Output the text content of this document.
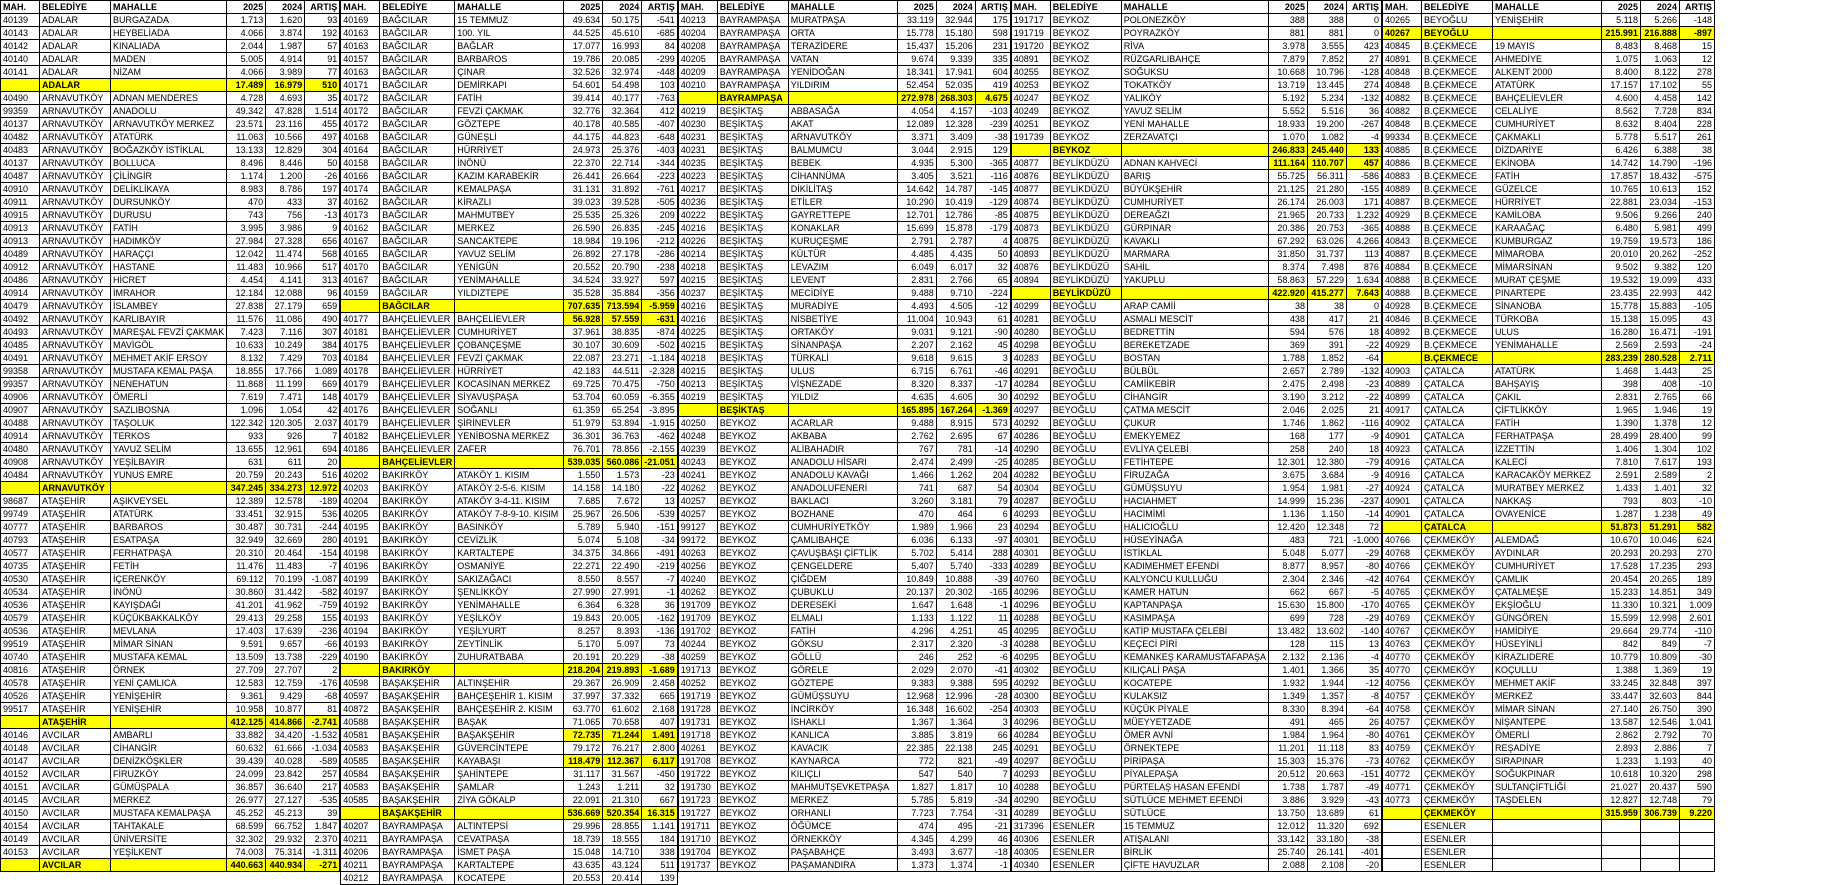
MAH.	BELEDİYE	MAHALLE	2025	2024	ARTIŞ
40139	ADALAR	BURGAZADA	1.713	1.620	93
40143	ADALAR	HEYBELİADA	4.066	3.874	192
40142	ADALAR	KINALIADA	2.044	1.987	57
40140	ADALAR	MADEN	5.005	4.914	91
40141	ADALAR	NİZAM	4.066	3.989	77
	ADALAR		17.489	16.979	510
40490	ARNAVUTKÖY	ADNAN MENDERES	4.728	4.693	35
99359	ARNAVUTKÖY	ANADOLU	49.342	47.828	1.514
40137	ARNAVUTKÖY	ARNAVUTKÖY MERKEZ	23.571	23.116	455
40482	ARNAVUTKÖY	ATATÜRK	11.063	10.566	497
40483	ARNAVUTKÖY	BOĞAZKÖY İSTİKLAL	13.133	12.829	304
40137	ARNAVUTKÖY	BOLLUCA	8.496	8.446	50
40487	ARNAVUTKÖY	ÇİLİNGİR	1.174	1.200	-26
40910	ARNAVUTKÖY	DELİKLİKAYA	8.983	8.786	197
40911	ARNAVUTKÖY	DURSUNKÖY	470	433	37
40915	ARNAVUTKÖY	DURUSU	743	756	-13
40913	ARNAVUTKÖY	FATİH	3.995	3.986	9
40913	ARNAVUTKÖY	HADIMKÖY	27.984	27.328	656
40489	ARNAVUTKÖY	HARAÇÇI	12.042	11.474	568
40912	ARNAVUTKÖY	HASTANE	11.483	10.966	517
40486	ARNAVUTKÖY	HİCRET	4.454	4.141	313
40914	ARNAVUTKÖY	İMRAHOR	12.184	12.088	96
40479	ARNAVUTKÖY	İSLAMBEY	27.838	27.179	659
40492	ARNAVUTKÖY	KARLIBAYIR	11.576	11.086	490
40493	ARNAVUTKÖY	MAREŞAL FEVZİ ÇAKMAK	7.423	7.116	307
40485	ARNAVUTKÖY	MAVİGÖL	10.633	10.249	384
40491	ARNAVUTKÖY	MEHMET AKİF ERSOY	8.132	7.429	703
99358	ARNAVUTKÖY	MUSTAFA KEMAL PAŞA	18.855	17.766	1.089
99357	ARNAVUTKÖY	NENEHATUN	11.868	11.199	669
40906	ARNAVUTKÖY	ÖMERLİ	7.619	7.471	148
40907	ARNAVUTKÖY	SAZLIBOSNA	1.096	1.054	42
40488	ARNAVUTKÖY	TAŞOLUK	122.342	120.305	2.037
40914	ARNAVUTKÖY	TERKOS	933	926	7
40480	ARNAVUTKÖY	YAVUZ SELİM	13.655	12.961	694
40908	ARNAVUTKÖY	YEŞİLBAYIR	631	611	20
40484	ARNAVUTKÖY	YUNUS EMRE	20.759	20.243	516
	ARNAVUTKÖY		347.245	334.273	12.972
98687	ATAŞEHİR	AŞIKVEYSEL	12.389	12.578	-189
99749	ATAŞEHİR	ATATÜRK	33.451	32.915	536
40777	ATAŞEHİR	BARBAROS	30.487	30.731	-244
40793	ATAŞEHİR	ESATPAŞA	32.949	32.669	280
40577	ATAŞEHİR	FERHATPAŞA	20.310	20.464	-154
40735	ATAŞEHİR	FETİH	11.476	11.483	-7
40530	ATAŞEHİR	İÇERENKÖY	69.112	70.199	-1.087
40534	ATAŞEHİR	İNÖNÜ	30.860	31.442	-582
40536	ATAŞEHİR	KAYIŞDAĞI	41.201	41.962	-759
40579	ATAŞEHİR	KÜÇÜKBAKKALKÖY	29.413	29.258	155
40536	ATAŞEHİR	MEVLANA	17.403	17.639	-236
99519	ATAŞEHİR	MİMAR SİNAN	9.591	9.657	-66
40740	ATAŞEHİR	MUSTAFA KEMAL	13.509	13.738	-229
40816	ATAŞEHİR	ÖRNEK	27.709	27.707	2
40578	ATAŞEHİR	YENİ ÇAMLICA	12.583	12.759	-176
40526	ATAŞEHİR	YENİŞEHİR	9.361	9.429	-68
99517	ATAŞEHİR	YENİŞEHİR	10.958	10.877	81
	ATAŞEHİR		412.125	414.866	-2.741
40146	AVCILAR	AMBARLI	33.882	34.420	-1.532
40148	AVCILAR	CİHANGİR	60.632	61.666	-1.034
40147	AVCILAR	DENİZKÖŞKLER	39.439	40.028	-589
40152	AVCILAR	FİRUZKÖY	24.099	23.842	257
40151	AVCILAR	GÜMÜŞPALA	36.857	36.640	217
40145	AVCILAR	MERKEZ	26.977	27.127	-535
40150	AVCILAR	MUSTAFA KEMALPAŞA	45.252	45.213	39
40154	AVCILAR	TAHTAKALE	68.599	66.752	1.847
40149	AVCILAR	ÜNİVERSİTE	32.302	29.932	2.370
40153	AVCILAR	YEŞİLKENT	74.003	75.314	-1.311
	AVCILAR		440.663	440.934	-271
MAH.	BELEDİYE	MAHALLE	2025	2024	ARTIŞ
40169	BAĞCILAR	15 TEMMUZ	49.634	50.175	-541
40163	BAĞCILAR	100. YIL	44.525	45.610	-685
40163	BAĞCILAR	BAĞLAR	17.077	16.993	84
40157	BAĞCILAR	BARBAROS	19.786	20.085	-299
40163	BAĞCILAR	ÇINAR	32.526	32.974	-448
40171	BAĞCILAR	DEMİRKAPI	54.601	54.498	103
40172	BAĞCILAR	FATİH	39.414	40.177	-763
40172	BAĞCILAR	FEVZİ ÇAKMAK	32.776	32.364	412
40172	BAĞCILAR	GÖZTEPE	40.178	40.585	-407
40168	BAĞCILAR	GÜNEŞLİ	44.175	44.823	-648
40164	BAĞCILAR	HÜRRİYET	24.973	25.376	-403
40158	BAĞCILAR	İNÖNÜ	22.370	22.714	-344
40166	BAĞCILAR	KAZIM KARABEKİR	26.441	26.664	-223
40174	BAĞCILAR	KEMALPAŞA	31.131	31.892	-761
40162	BAĞCILAR	KİRAZLI	39.023	39.528	-505
40173	BAĞCILAR	MAHMUTBEY	25.535	25.326	209
40162	BAĞCILAR	MERKEZ	26.590	26.835	-245
40167	BAĞCILAR	SANCAKTEPE	18.984	19.196	-212
40165	BAĞCILAR	YAVUZ SELİM	26.892	27.178	-286
40170	BAĞCILAR	YENİGÜN	20.552	20.790	-238
40167	BAĞCILAR	YENİMAHALLE	34.524	33.927	597
40159	BAĞCILAR	YILDIZTEPE	35.528	35.884	-356
	BAĞCILAR		707.635	713.594	-5.959
40177	BAHÇELİEVLER	BAHÇELİEVLER	56.928	57.559	-631
40181	BAHÇELİEVLER	CUMHURİYET	37.961	38.835	-874
40175	BAHÇELİEVLER	ÇOBANÇEŞME	30.107	30.609	-502
40184	BAHÇELİEVLER	FEVZİ ÇAKMAK	22.087	23.271	-1.184
40178	BAHÇELİEVLER	HÜRRİYET	42.183	44.511	-2.328
40179	BAHÇELİEVLER	KOCASİNAN MERKEZ	69.725	70.475	-750
40179	BAHÇELİEVLER	SİYAVUŞPAŞA	53.704	60.059	-6.355
40176	BAHÇELİEVLER	SOĞANLI	61.359	65.254	-3.895
40179	BAHÇELİEVLER	ŞİRİNEVLER	51.979	53.894	-1.915
40182	BAHÇELİEVLER	YENİBOSNA MERKEZ	36.301	36.763	-462
40186	BAHÇELİEVLER	ZAFER	76.701	78.856	-2.155
	BAHÇELİEVLER		539.035	560.086	-21.051
40202	BAKIRKÖY	ATAKÖY 1. KISIM	1.550	1.573	-23
40203	BAKIRKÖY	ATAKÖY 2-5-6. KISIM	14.158	14.180	-22
40204	BAKIRKÖY	ATAKÖY 3-4-11. KISIM	7.685	7.672	13
40205	BAKIRKÖY	ATAKÖY 7-8-9-10. KISIM	25.967	26.506	-539
40195	BAKIRKÖY	BASINKÖY	5.789	5.940	-151
40191	BAKIRKÖY	CEVİZLİK	5.074	5.108	-34
40198	BAKIRKÖY	KARTALTEPE	34.375	34.866	-491
40196	BAKIRKÖY	OSMANİYE	22.271	22.490	-219
40199	BAKIRKÖY	SAKIZAĞACI	8.550	8.557	-7
40197	BAKIRKÖY	ŞENLİKKÖY	27.990	27.991	-1
40192	BAKIRKÖY	YENİMAHALLE	6.364	6.328	36
40193	BAKIRKÖY	YEŞİLKÖY	19.843	20.005	-162
40194	BAKIRKÖY	YEŞİLYURT	8.257	8.393	-136
40193	BAKIRKÖY	ZEYTİNLİK	5.170	5.097	73
40190	BAKIRKÖY	ZUHURATBABA	20.191	20.229	-38
	BAKIRKÖY		218.204	219.893	-1.689
40598	BAŞAKŞEHİR	ALTINŞEHİR	29.367	26.909	2.458
40597	BAŞAKŞEHİR	BAHÇEŞEHİR 1. KISIM	37.997	37.332	665
40872	BAŞAKŞEHİR	BAHÇEŞEHİR 2. KISIM	63.770	61.602	2.168
40588	BAŞAKŞEHİR	BAŞAK	71.065	70.658	407
40581	BAŞAKŞEHİR	BAŞAKŞEHİR	72.735	71.244	1.491
40583	BAŞAKŞEHİR	GÜVERCİNTEPE	79.172	76.217	2.800
40585	BAŞAKŞEHİR	KAYABAŞI	118.479	112.367	6.117
40584	BAŞAKŞEHİR	ŞAHİNTEPE	31.117	31.567	-450
40583	BAŞAKŞEHİR	ŞAMLAR	1.243	1.211	32
40585	BAŞAKŞEHİR	ZİYA GÖKALP	22.091	21.310	667
	BAŞAKŞEHİR		536.669	520.354	16.315
40207	BAYRAMPAŞA	ALTINTEPSİ	29.996	28.855	1.141
40211	BAYRAMPAŞA	CEVATPAŞA	18.739	18.555	184
40206	BAYRAMPAŞA	İSMET PAŞA	15.048	14.710	338
40211	BAYRAMPAŞA	KARTALTEPE	43.635	43.124	511
40212	BAYRAMPAŞA	KOCATEPE	20.553	20.414	139
MAH.	BELEDİYE	MAHALLE	2025	2024	ARTIŞ
40213	BAYRAMPAŞA	MURATPAŞA	33.119	32.944	175
40204	BAYRAMPAŞA	ORTA	15.778	15.180	598
40208	BAYRAMPAŞA	TERAZİDERE	15.437	15.206	231
40205	BAYRAMPAŞA	VATAN	9.674	9.339	335
40209	BAYRAMPAŞA	YENİDOĞAN	18.341	17.941	604
40210	BAYRAMPAŞA	YILDIRIM	52.454	52.035	419
	BAYRAMPAŞA		272.978	268.303	4.675
40219	BEŞİKTAŞ	ABBASAĞA	4.054	4.157	-103
40230	BEŞİKTAŞ	AKAT	12.089	12.328	-239
40231	BEŞİKTAŞ	ARNAVUTKÖY	3.371	3.409	-38
40231	BEŞİKTAŞ	BALMUMCU	3.044	2.915	129
40235	BEŞİKTAŞ	BEBEK	4.935	5.300	-365
40223	BEŞİKTAŞ	CİHANNÜMA	3.405	3.521	-116
40217	BEŞİKTAŞ	DİKİLİTAŞ	14.642	14.787	-145
40236	BEŞİKTAŞ	ETİLER	10.290	10.419	-129
40222	BEŞİKTAŞ	GAYRETTEPE	12.701	12.786	-85
40216	BEŞİKTAŞ	KONAKLAR	15.699	15.878	-179
40226	BEŞİKTAŞ	KURUÇEŞME	2.791	2.787	4
40214	BEŞİKTAŞ	KÜLTÜR	4.485	4.435	50
40218	BEŞİKTAŞ	LEVAZIM	6.049	6.017	32
40215	BEŞİKTAŞ	LEVENT	2.831	2.766	65
40237	BEŞİKTAŞ	MECİDİYE	9.488	9.710	-224
40216	BEŞİKTAŞ	MURADİYE	4.493	4.505	-12
40216	BEŞİKTAŞ	NİSBETİYE	11.004	10.943	61
40225	BEŞİKTAŞ	ORTAKÖY	9.031	9.121	-90
40215	BEŞİKTAŞ	SİNANPAŞA	2.207	2.162	45
40218	BEŞİKTAŞ	TÜRKALİ	9.618	9.615	3
40215	BEŞİKTAŞ	ULUS	6.715	6.761	-46
40213	BEŞİKTAŞ	VİŞNEZADE	8.320	8.337	-17
40219	BEŞİKTAŞ	YILDIZ	4.635	4.605	30
	BEŞİKTAŞ		165.895	167.264	-1.369
40250	BEYKOZ	ACARLAR	9.488	8.915	573
40248	BEYKOZ	AKBABA	2.762	2.695	67
40239	BEYKOZ	ALİBAHADIR	767	781	-14
40243	BEYKOZ	ANADOLU HİSARI	2.474	2.499	-25
40241	BEYKOZ	ANADOLU KAVAĞI	1.466	1.262	204
40262	BEYKOZ	ANADOLUFENERİ	741	687	54
40257	BEYKOZ	BAKLACI	3.260	3.181	79
40257	BEYKOZ	BOZHANE	470	464	6
99127	BEYKOZ	CUMHURİYETKÖY	1.989	1.966	23
99172	BEYKOZ	ÇAMLIBAHÇE	6.036	6.133	-97
40263	BEYKOZ	ÇAVUŞBAŞI ÇİFTLİK	5.702	5.414	288
40256	BEYKOZ	ÇENGELDERE	5.407	5.740	-333
40240	BEYKOZ	ÇİĞDEM	10.849	10.888	-39
40262	BEYKOZ	ÇUBUKLU	20.137	20.302	-165
191709	BEYKOZ	DERESEKİ	1.647	1.648	-1
191709	BEYKOZ	ELMALI	1.133	1.122	11
191702	BEYKOZ	FATİH	4.296	4.251	45
40244	BEYKOZ	GÖKSU	2.317	2.320	-3
40259	BEYKOZ	GÖLLÜ	246	252	-6
191713	BEYKOZ	GÖRELE	2.029	2.070	-41
40252	BEYKOZ	GÖZTEPE	9.383	9.388	595
191719	BEYKOZ	GÜMÜŞSUYU	12.968	12.996	-28
191728	BEYKOZ	İNCİRKÖY	16.348	16.602	-254
191731	BEYKOZ	İSHAKLI	1.367	1.364	3
191718	BEYKOZ	KANLICA	3.885	3.819	66
40261	BEYKOZ	KAVACIK	22.385	22.138	245
191708	BEYKOZ	KAYNARCA	772	821	-49
191722	BEYKOZ	KILIÇLI	547	540	7
191730	BEYKOZ	MAHMUTŞEVKETPAŞA	1.827	1.817	10
191723	BEYKOZ	MERKEZ	5.785	5.819	-34
191727	BEYKOZ	ORHANLI	7.723	7.754	-31
191711	BEYKOZ	ÖĞÜMCE	474	495	-21
191710	BEYKOZ	ÖRNEKKÖY	4.345	4.299	46
191704	BEYKOZ	PAŞABAHÇE	3.493	3.677	-18
191737	BEYKOZ	PAŞAMANDIRA	1.373	1.374	-1
MAH.	BELEDİYE	MAHALLE	2025	2024	ARTIŞ
191717	BEYKOZ	POLONEZKÖY	388	388	0
191719	BEYKOZ	POYRAZKÖY	881	881	0
191720	BEYKOZ	RİVA	3.978	3.555	423
40891	BEYKOZ	RÜZGARLIBAHÇE	7.879	7.852	27
40255	BEYKOZ	SOĞUKSU	10.668	10.796	-128
40253	BEYKOZ	TOKATKÖY	13.719	13.445	274
40247	BEYKOZ	YALIKÖY	5.192	5.234	-132
40249	BEYKOZ	YAVUZ SELİM	5.552	5.516	36
40251	BEYKOZ	YENİ MAHALLE	18.933	19.200	-267
191739	BEYKOZ	ZERZAVATÇI	1.070	1.082	-4
	BEYKOZ		246.833	245.440	133
40877	BEYLİKDÜZÜ	ADNAN KAHVECİ	111.164	110.707	457
40876	BEYLİKDÜZÜ	BARIŞ	55.725	56.311	-586
40877	BEYLİKDÜZÜ	BÜYÜKŞEHİR	21.125	21.280	-155
40874	BEYLİKDÜZÜ	CUMHURİYET	26.174	26.003	171
40875	BEYLİKDÜZÜ	DEREAĞZI	21.965	20.733	1.232
40873	BEYLİKDÜZÜ	GÜRPINAR	20.386	20.753	-365
40875	BEYLİKDÜZÜ	KAVAKLI	67.292	63.026	4.266
40893	BEYLİKDÜZÜ	MARMARA	31.850	31.737	113
40876	BEYLİKDÜZÜ	SAHİL	8.374	7.498	876
40894	BEYLİKDÜZÜ	YAKUPLU	58.863	57.229	1.634
	BEYLİKDÜZÜ		422.920	415.277	7.643
40299	BEYOĞLU	ARAP CAMİİ	38	38	0
40281	BEYOĞLU	ASMALI MESCİT	438	417	21
40280	BEYOĞLU	BEDRETTİN	594	576	18
40298	BEYOĞLU	BEREKETZADE	369	391	-22
40283	BEYOĞLU	BOSTAN	1.788	1.852	-64
40291	BEYOĞLU	BÜLBÜL	2.657	2.789	-132
40284	BEYOĞLU	CAMİİKEBİR	2.475	2.498	-23
40292	BEYOĞLU	CİHANGİR	3.190	3.212	-22
40297	BEYOĞLU	ÇATMA MESCİT	2.046	2.025	21
40292	BEYOĞLU	ÇUKUR	1.746	1.862	-116
40286	BEYOĞLU	EMEKYEMEZ	168	177	-9
40290	BEYOĞLU	EVLİYA ÇELEBİ	258	240	18
40285	BEYOĞLU	FETİHTEPE	12.301	12.380	-79
40282	BEYOĞLU	FİRUZAĞA	3.675	3.684	-9
40304	BEYOĞLU	GÜMÜŞSUYU	1.954	1.981	-27
40287	BEYOĞLU	HACIAHMET	14.999	15.236	-237
40293	BEYOĞLU	HACIMİMİ	1.136	1.150	-14
40294	BEYOĞLU	HALICIOĞLU	12.420	12.348	72
40301	BEYOĞLU	HÜSEYİNAĞA	483	721	-1.000
40301	BEYOĞLU	İSTİKLAL	5.048	5.077	-29
40289	BEYOĞLU	KADIMEHMET EFENDİ	8.877	8.957	-80
40760	BEYOĞLU	KALYONCU KULLUĞU	2.304	2.346	-42
40296	BEYOĞLU	KAMER HATUN	662	667	-5
40296	BEYOĞLU	KAPTANPAŞA	15.630	15.800	-170
40288	BEYOĞLU	KASIMPAŞA	699	728	-29
40295	BEYOĞLU	KATİP MUSTAFA ÇELEBİ	13.482	13.602	-140
40288	BEYOĞLU	KEÇECİ PİRİ	128	115	13
40295	BEYOĞLU	KEMANKEŞ KARAMUSTAFAPAŞA	2.132	2.136	-4
40302	BEYOĞLU	KILIÇALİ PAŞA	1.401	1.366	35
40292	BEYOĞLU	KOCATEPE	1.932	1.944	-12
40300	BEYOĞLU	KULAKSIZ	1.349	1.357	-8
40303	BEYOĞLU	KÜÇÜK PİYALE	8.330	8.394	-64
40296	BEYOĞLU	MÜEYYETZADE	491	465	26
40284	BEYOĞLU	ÖMER AVNİ	1.984	1.964	-80
40291	BEYOĞLU	ÖRNEKTEPE	11.201	11.118	83
40297	BEYOĞLU	PİRİPAŞA	15.303	15.376	-73
40293	BEYOĞLU	PİYALEPAŞA	20.512	20.663	-151
40288	BEYOĞLU	PÜRTELAŞ HASAN EFENDİ	1.738	1.787	-49
40290	BEYOĞLU	SÜTLÜCE MEHMET EFENDİ	3.886	3.929	-43
40289	BEYOĞLU	SÜTLÜCE	13.750	13.689	61
317396	ESENLER	15 TEMMUZ	12.012	11.320	692
40306	ESENLER	ATIŞALANI	33.142	33.180	-38
40305	ESENLER	BİRLİK	25.740	26.141	-401
40340	ESENLER	ÇİFTE HAVUZLAR	2.088	2.108	-20
MAH.	BELEDİYE	MAHALLE	2025	2024	ARTIŞ
40265	BEYOĞLU	YENİŞEHİR	5.118	5.266	-148
40267	BEYOĞLU		215.991	216.888	-897
40845	B.ÇEKMECE	19 MAYIS	8.483	8.468	15
40891	B.ÇEKMECE	AHMEDİYE	1.075	1.063	12
40848	B.ÇEKMECE	ALKENT 2000	8.400	8.122	278
40848	B.ÇEKMECE	ATATÜRK	17.157	17.102	55
40882	B.ÇEKMECE	BAHÇELİEVLER	4.600	4.458	142
40882	B.ÇEKMECE	CELALİYE	8.562	7.728	834
40848	B.ÇEKMECE	CUMHURİYET	8.632	8.404	228
99334	B.ÇEKMECE	ÇAKMAKLI	5.778	5.517	261
40885	B.ÇEKMECE	DİZDARİYE	6.426	6.388	38
40886	B.ÇEKMECE	EKİNOBA	14.742	14.790	-196
40883	B.ÇEKMECE	FATİH	17.857	18.432	-575
40889	B.ÇEKMECE	GÜZELCE	10.765	10.613	152
40887	B.ÇEKMECE	HÜRRİYET	22.881	23.034	-153
40929	B.ÇEKMECE	KAMİLOBA	9.506	9.266	240
40888	B.ÇEKMECE	KARAAĞAÇ	6.480	5.981	499
40843	B.ÇEKMECE	KUMBURGAZ	19.759	19.573	186
40887	B.ÇEKMECE	MİMAROBA	20.010	20.262	-252
40884	B.ÇEKMECE	MİMARSİNAN	9.502	9.382	120
40888	B.ÇEKMECE	MURAT ÇEŞME	19.532	19.099	433
40888	B.ÇEKMECE	PINARTEPE	23.435	22.993	442
40928	B.ÇEKMECE	SİNANOBA	15.778	15.883	-105
40846	B.ÇEKMECE	TÜRKOBA	15.138	15.095	43
40892	B.ÇEKMECE	ULUS	16.280	16.471	-191
40929	B.ÇEKMECE	YENİMAHALLE	2.569	2.593	-24
	B.ÇEKMECE		283.239	280.528	2.711
40903	ÇATALCA	ATATÜRK	1.468	1.443	25
40889	ÇATALCA	BAHŞAYIŞ	398	408	-10
40899	ÇATALCA	ÇAKIL	2.831	2.765	66
40917	ÇATALCA	ÇİFTLİKKÖY	1.965	1.946	19
40902	ÇATALCA	FATİH	1.390	1.378	12
40901	ÇATALCA	FERHATPAŞA	28.499	28.400	99
40923	ÇATALCA	İZZETTİN	1.406	1.304	102
40916	ÇATALCA	KALECİ	7.810	7.617	193
40916	ÇATALCA	KARACAKÖY MERKEZ	2.591	2.589	2
40924	ÇATALCA	MURATBEY MERKEZ	1.433	1.401	32
40901	ÇATALCA	NAKKAŞ	793	803	-10
40901	ÇATALCA	OVAYENİCE	1.287	1.238	49
	ÇATALCA		51.873	51.291	582
40766	ÇEKMEKÖY	ALEMDAĞ	10.670	10.046	624
40768	ÇEKMEKÖY	AYDINLAR	20.293	20.293	270
40766	ÇEKMEKÖY	CUMHURİYET	17.528	17.235	293
40764	ÇEKMEKÖY	ÇAMLIK	20.454	20.265	189
40765	ÇEKMEKÖY	ÇATALMEŞE	15.233	14.851	349
40765	ÇEKMEKÖY	EKŞİOĞLU	11.330	10.321	1.009
40769	ÇEKMEKÖY	GÜNGÖREN	15.599	12.998	2.601
40767	ÇEKMEKÖY	HAMİDİYE	29.664	29.774	-110
40763	ÇEKMEKÖY	HÜSEYİNLİ	842	849	-7
40770	ÇEKMEKÖY	KİRAZLIDERE	10.779	10.809	-30
40770	ÇEKMEKÖY	KOÇULLU	1.388	1.369	19
40756	ÇEKMEKÖY	MEHMET AKİF	33.245	32.848	397
40757	ÇEKMEKÖY	MERKEZ	33.447	32.603	844
40758	ÇEKMEKÖY	MİMAR SİNAN	27.140	26.750	390
40757	ÇEKMEKÖY	NİŞANTEPE	13.587	12.546	1.041
40761	ÇEKMEKÖY	ÖMERLİ	2.862	2.792	70
40759	ÇEKMEKÖY	REŞADİYE	2.893	2.886	7
40762	ÇEKMEKÖY	SIRAPINAR	1.233	1.193	40
40772	ÇEKMEKÖY	SOĞUKPINAR	10.618	10.320	298
40771	ÇEKMEKÖY	SULTANÇİFTLİĞİ	21.027	20.437	590
40773	ÇEKMEKÖY	TAŞDELEN	12.827	12.748	79
	ÇEKMEKÖY		315.959	306.739	9.220
	ESENLER				
	ESENLER				
	ESENLER				
	ESENLER				
